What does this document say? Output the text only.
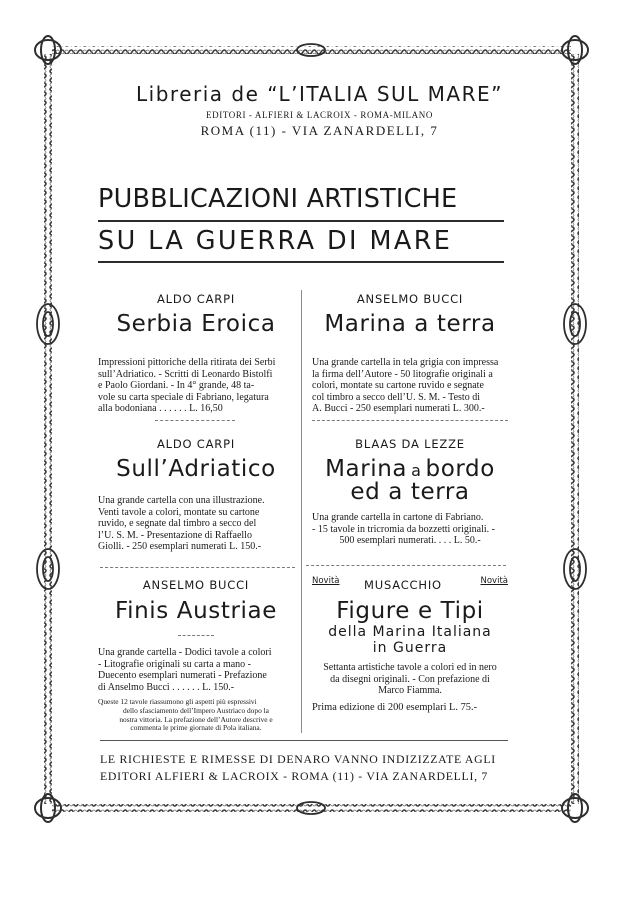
Libreria de “L’ITALIA SUL MARE”
EDITORI - ALFIERI & LACROIX - ROMA-MILANO
ROMA (11) - VIA ZANARDELLI, 7
PUBBLICAZIONI ARTISTICHE
SU LA GUERRA DI MARE
ALDO CARPI
Serbia Eroica
Impressioni pittoriche della ritirata dei Serbi
sull’Adriatico. - Scritti di Leonardo Bistolfi
e Paolo Giordani. - In 4° grande, 48 ta-
vole su carta speciale di Fabriano, legatura
alla bodoniana . . . . . . L. 16,50
ALDO CARPI
Sull’Adriatico
Una grande cartella con una illustrazione.
Venti tavole a colori, montate su cartone
ruvido, e segnate dal timbro a secco del
l’U. S. M. - Presentazione di Raffaello
Giolli. - 250 esemplari numerati L. 150.-
ANSELMO BUCCI
Finis Austriae
Una grande cartella - Dodici tavole a colori
- Litografie originali su carta a mano -
Duecento esemplari numerati - Prefazione
di Anselmo Bucci . . . . . . L. 150.-
Queste 12 tavole riassumono gli aspetti più espressivi
dello sfasciamento dell’Impero Austriaco dopo la
nostra vittoria. La prefazione dell’Autore descrive e
commenta le prime giornate di Pola italiana.
ANSELMO BUCCI
Marina a terra
Una grande cartella in tela grigia con impressa
la firma dell’Autore - 50 litografie originali a
colori, montate su cartone ruvido e segnate
col timbro a secco dell’U. S. M. - Testo di
A. Bucci - 250 esemplari numerati L. 300.-
BLAAS DA LEZZE
Marina a bordo
ed a terra
Una grande cartella in cartone di Fabriano.
- 15 tavole in tricromia da bozzetti originali. -
500 esemplari numerati. . . . L. 50.-
Novità MUSACCHIO	Novità
Figure e Tipi
della Marina Italiana
in Guerra
Settanta artistiche tavole a colori ed in nero
da disegni originali. - Con prefazione di
Marco Fiamma.
Prima edizione di 200 esemplari L. 75.-
LE RICHIESTE E RIMESSE DI DENARO VANNO INDIZIZZATE AGLI
EDITORI ALFIERI & LACROIX - ROMA (11) - VIA ZANARDELLI, 7
